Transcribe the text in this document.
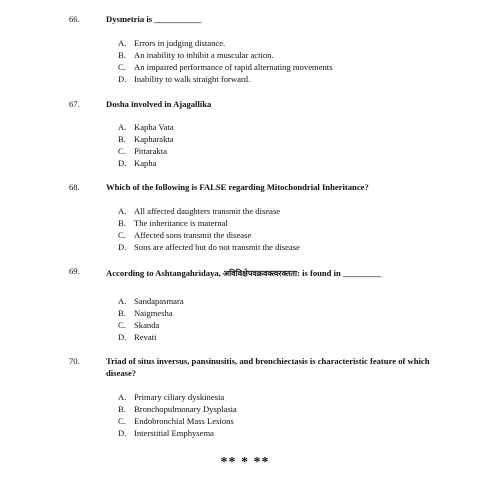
66.	Dysmetria is ___________
A. Errors in judging distance.
B. An inability to inhibit a muscular action.
C. An impaired performance of rapid alternating movements
D. Inability to walk straight forward.
67.	Dosha involved in Ajagallika
A. Kapha Vata
B. Kapharakta
C. Pittarakta
D. Kapha
68.	Which of the following is FALSE regarding Mitochondrial Inheritance?
A. All affected daughters transmit the disease
B. The inheritance is maternal
C. Affected sons transmit the disease
D. Sons are affected but do not transmit the disease
69.	According to Ashtangahridaya, अविविक्षेपवक्रवक्त्वरक्तता: is found in _________
A. Sandapasmara
B. Naigmesha
C. Skanda
D. Revati
70.	Triad of situs inversus, pansinusitis, and bronchiectasis is characteristic feature of which disease?
A. Primary ciliary dyskinesia
B. Bronchopulmonary Dysplasia
C. Endobronchial Mass Lesions
D. Interstitial Emphysema
** * **
